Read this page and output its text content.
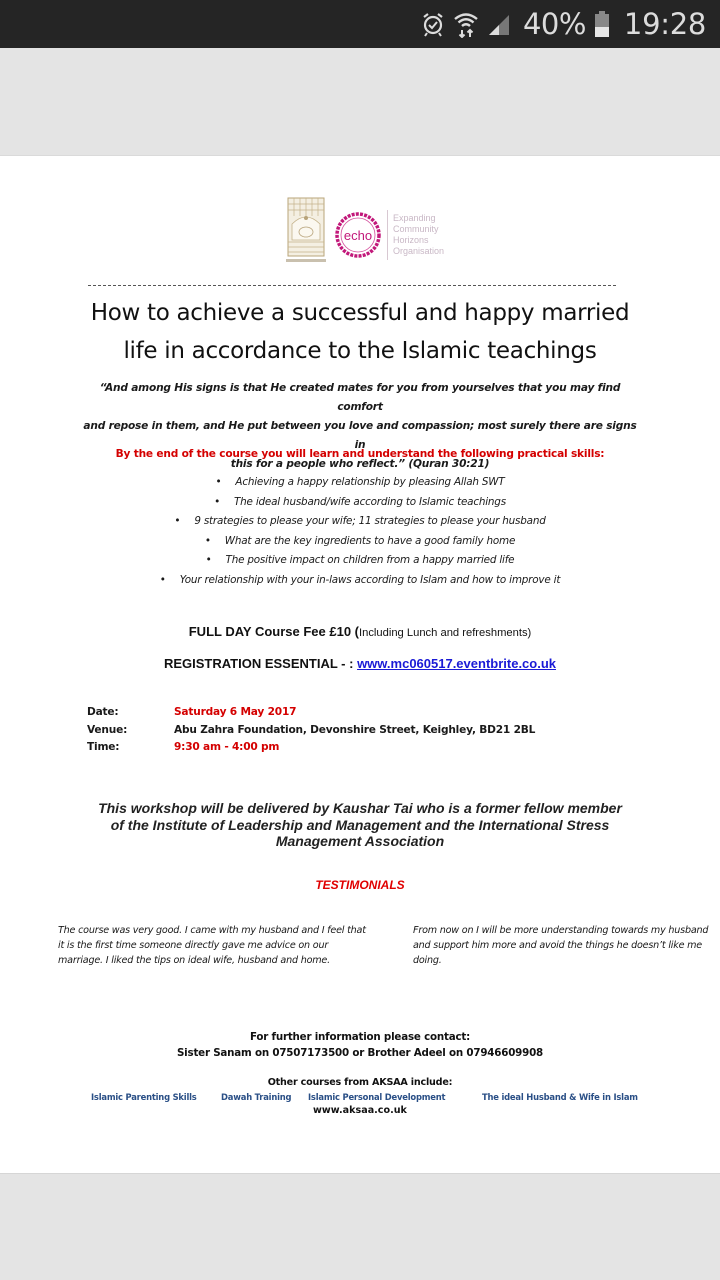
40% 19:28
echo
Expanding
Community
Horizons
Organisation
How to achieve a successful and happy married
life in accordance to the Islamic teachings
“And among His signs is that He created mates for you from yourselves that you may find comfort
and repose in them, and He put between you love and compassion; most surely there are signs in
this for a people who reflect.” (Quran 30:21)
By the end of the course you will learn and understand the following practical skills:
• Achieving a happy relationship by pleasing Allah SWT
• The ideal husband/wife according to Islamic teachings
• 9 strategies to please your wife; 11 strategies to please your husband
• What are the key ingredients to have a good family home
• The positive impact on children from a happy married life
• Your relationship with your in-laws according to Islam and how to improve it
FULL DAY Course Fee £10 (Including Lunch and refreshments)
REGISTRATION ESSENTIAL - : www.mc060517.eventbrite.co.uk
Date:	Saturday 6 May 2017
Venue:	Abu Zahra Foundation, Devonshire Street, Keighley, BD21 2BL
Time:	9:30 am - 4:00 pm
This workshop will be delivered by Kaushar Tai who is a former fellow member
of the Institute of Leadership and Management and the International Stress
Management Association
TESTIMONIALS
The course was very good. I came with my husband and I feel that it is the first time someone directly gave me advice on our marriage. I liked the tips on ideal wife, husband and home.
From now on I will be more understanding towards my husband and support him more and avoid the things he doesn’t like me doing.
For further information please contact:
Sister Sanam on 07507173500 or Brother Adeel on 07946609908
Other courses from AKSAA include:
Islamic Parenting Skills	Dawah Training Islamic Personal Development	The ideal Husband & Wife in Islam
www.aksaa.co.uk
